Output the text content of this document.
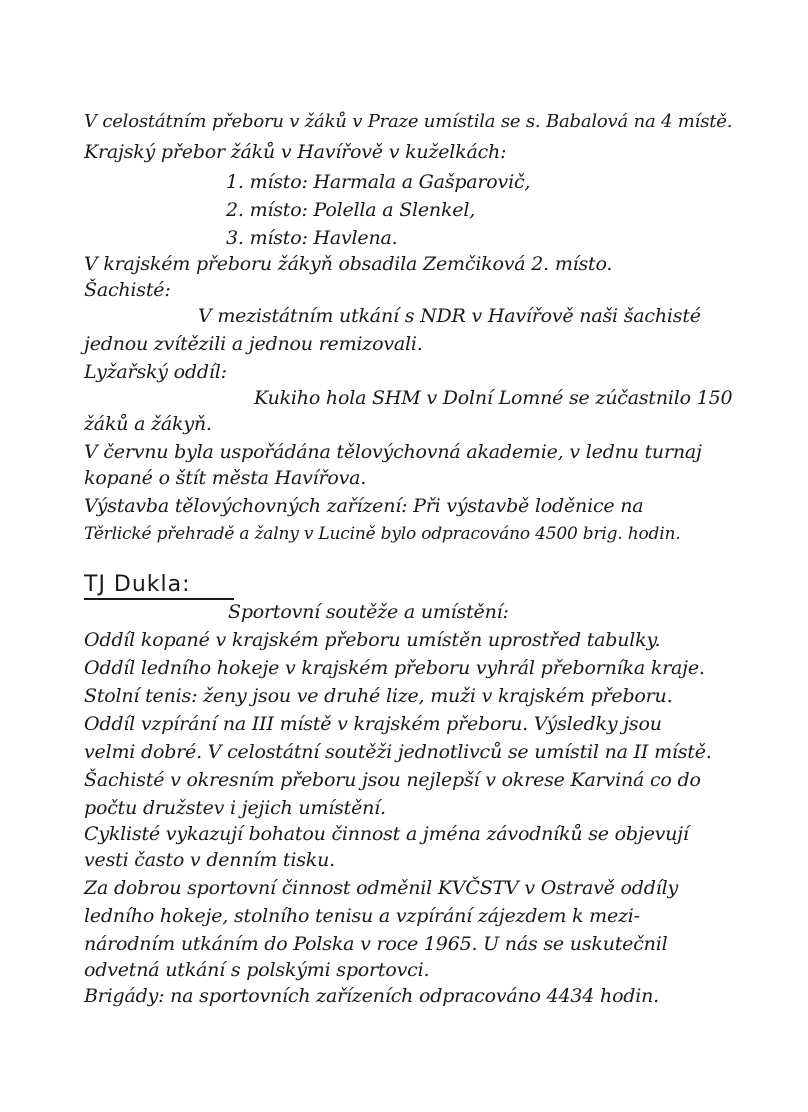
V celostátním přeboru v žáků v Praze umístila se s. Babalová na 4 místě.
Krajský přebor žáků v Havířově v kuželkách:
1. místo: Harmala a Gašparovič,
2. místo: Polella a Slenkel,
3. místo: Havlena.
V krajském přeboru žákyň obsadila Zemčiková 2. místo.
Šachisté:
V mezistátním utkání s NDR v Havířově naši šachisté
jednou zvítězili a jednou remizovali.
Lyžařský oddíl:
Kukiho hola SHM v Dolní Lomné se zúčastnilo 150
žáků a žákyň.
V červnu byla uspořádána tělovýchovná akademie, v lednu turnaj
kopané o štít města Havířova.
Výstavba tělovýchovných zařízení: Při výstavbě loděnice na
Těrlické přehradě a žalny v Lucině bylo odpracováno 4500 brig. hodin.
TJ Dukla:
Sportovní soutěže a umístění:
Oddíl kopané v krajském přeboru umístěn uprostřed tabulky.
Oddíl ledního hokeje v krajském přeboru vyhrál přeborníka kraje.
Stolní tenis: ženy jsou ve druhé lize, muži v krajském přeboru.
Oddíl vzpírání na III místě v krajském přeboru. Výsledky jsou
velmi dobré. V celostátní soutěži jednotlivců se umístil na II místě.
Šachisté v okresním přeboru jsou nejlepší v okrese Karviná co do
počtu družstev i jejich umístění.
Cyklisté vykazují bohatou činnost a jména závodníků se objevují
vesti často v denním tisku.
Za dobrou sportovní činnost odměnil KVČSTV v Ostravě oddíly
ledního hokeje, stolního tenisu a vzpírání zájezdem k mezi-
národním utkáním do Polska v roce 1965. U nás se uskutečnil
odvetná utkání s polskými sportovci.
Brigády: na sportovních zařízeních odpracováno 4434 hodin.
